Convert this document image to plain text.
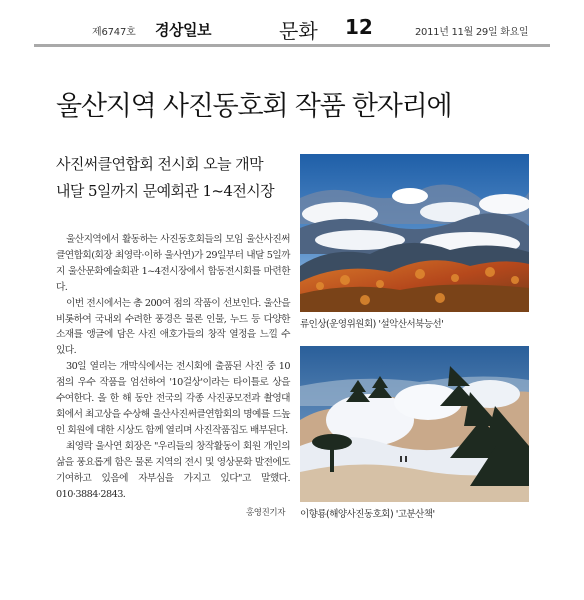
제6747호 경상일보	문화 12	2011년 11월 29일 화요일
울산지역 사진동호회 작품 한자리에
사진써클연합회 전시회 오늘 개막
내달 5일까지 문예회관 1~4전시장

울산지역에서 활동하는 사진동호회들의 모임 울산사진써클연합회(회장 최영락·이하 울사연)가 29일부터 내달 5일까지 울산문화예술회관 1~4전시장에서 합동전시회를 마련한다.

이번 전시에서는 총 200여 점의 작품이 선보인다. 울산을 비롯하여 국내외 수려한 풍경은 물론 인물, 누드 등 다양한 소재를 앵글에 담은 사진 애호가들의 창작 열정을 느낄 수 있다.

30일 열리는 개막식에서는 전시회에 출품된 사진 중 10점의 우수 작품을 엄선하여 '10걸상'이라는 타이틀로 상을 수여한다. 올 한 해 동안 전국의 각종 사진공모전과 촬영대회에서 최고상을 수상해 울산사진써클연합회의 명예를 드높인 회원에 대한 시상도 함께 열리며 사진작품집도 배부된다.

최영락 울사연 회장은 "우리들의 창작활동이 회원 개인의 삶을 풍요롭게 함은 물론 지역의 전시 및 영상문화 발전에도 기여하고 있음에 자부심을 가지고 있다"고 말했다. 010·3884·2843.

홍영진기자
류인상(운영위원회) '설악산서북능선'
이향룡(해양사진동호회) '고분산책'
